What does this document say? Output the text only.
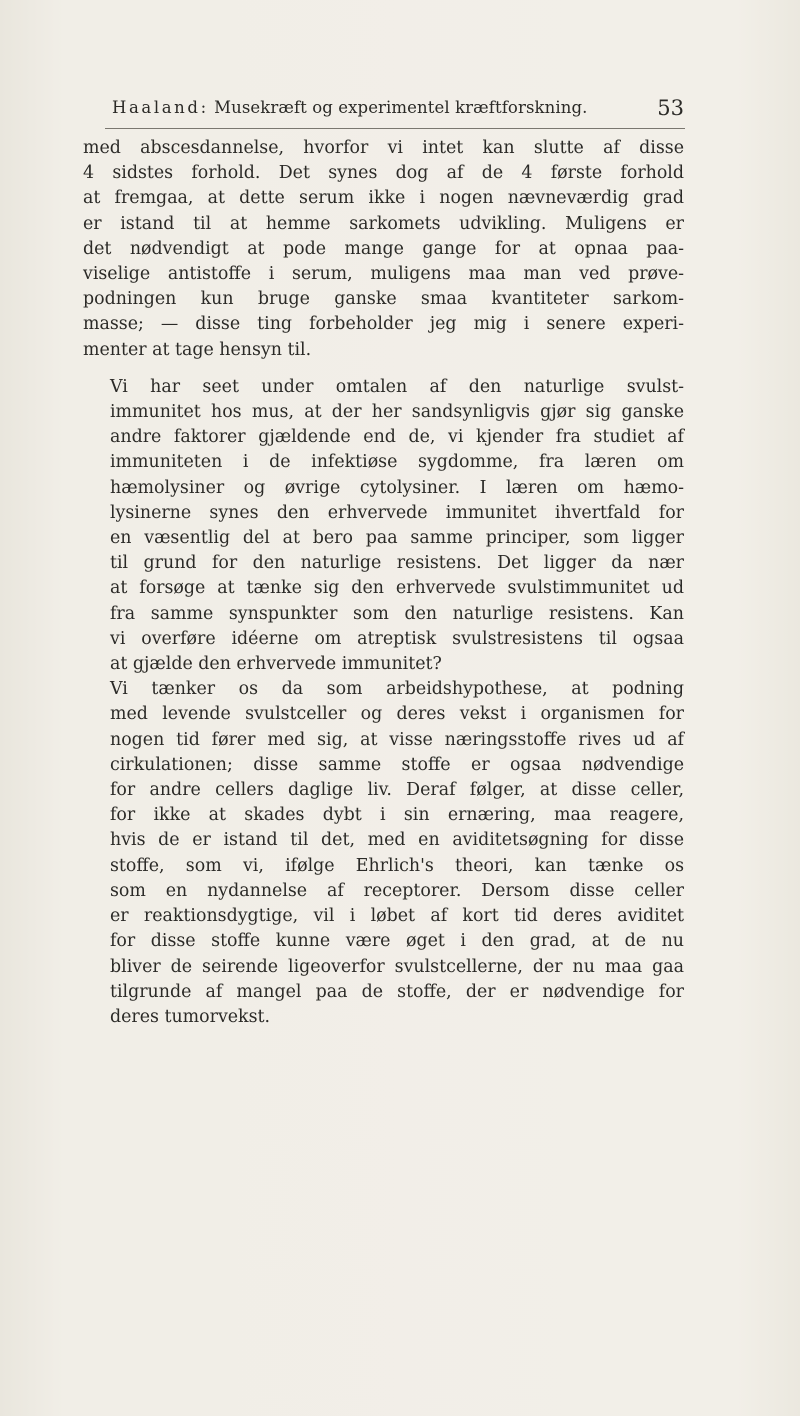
Haaland: Musekræft og experimentel kræftforskning.	53

med abscesdannelse, hvorfor vi intet kan slutte af disse
4 sidstes forhold. Det synes dog af de 4 første forhold
at fremgaa, at dette serum ikke i nogen nævneværdig grad
er istand til at hemme sarkomets udvikling. Muligens er
det nødvendigt at pode mange gange for at opnaa paa-
viselige antistoffe i serum, muligens maa man ved prøve-
podningen kun bruge ganske smaa kvantiteter sarkom-
masse; — disse ting forbeholder jeg mig i senere experi-
menter at tage hensyn til.

Vi har seet under omtalen af den naturlige svulst-
immunitet hos mus, at der her sandsynligvis gjør sig ganske
andre faktorer gjældende end de, vi kjender fra studiet af
immuniteten i de infektiøse sygdomme, fra læren om
hæmolysiner og øvrige cytolysiner. I læren om hæmo-
lysinerne synes den erhvervede immunitet ihvertfald for
en væsentlig del at bero paa samme principer, som ligger
til grund for den naturlige resistens. Det ligger da nær
at forsøge at tænke sig den erhvervede svulstimmunitet ud
fra samme synspunkter som den naturlige resistens. Kan
vi overføre idéerne om atreptisk svulstresistens til ogsaa
at gjælde den erhvervede immunitet?

Vi tænker os da som arbeidshypothese, at podning
med levende svulstceller og deres vekst i organismen for
nogen tid fører med sig, at visse næringsstoffe rives ud af
cirkulationen; disse samme stoffe er ogsaa nødvendige
for andre cellers daglige liv. Deraf følger, at disse celler,
for ikke at skades dybt i sin ernæring, maa reagere,
hvis de er istand til det, med en aviditetsøgning for disse
stoffe, som vi, ifølge Ehrlich's theori, kan tænke os
som en nydannelse af receptorer. Dersom disse celler
er reaktionsdygtige, vil i løbet af kort tid deres aviditet
for disse stoffe kunne være øget i den grad, at de nu
bliver de seirende ligeoverfor svulstcellerne, der nu maa gaa
tilgrunde af mangel paa de stoffe, der er nødvendige for
deres tumorvekst.
